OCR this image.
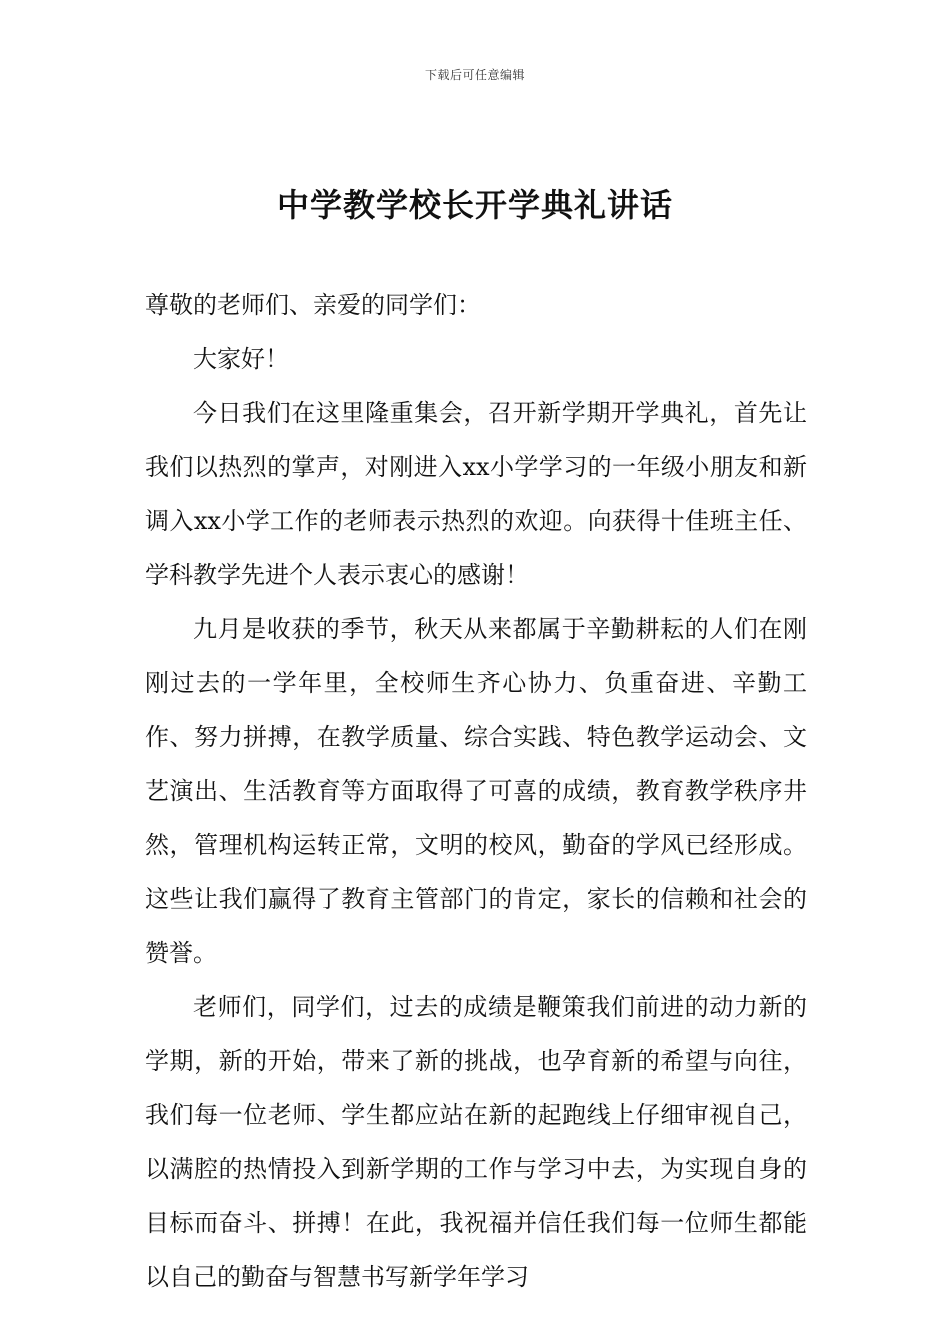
下载后可任意编辑
中学教学校长开学典礼讲话

尊敬的老师们、亲爱的同学们：

大家好！

今日我们在这里隆重集会，召开新学期开学典礼，首先让我们以热烈的掌声，对刚进入xx小学学习的一年级小朋友和新调入xx小学工作的老师表示热烈的欢迎。向获得十佳班主任、学科教学先进个人表示衷心的感谢！

九月是收获的季节，秋天从来都属于辛勤耕耘的人们在刚刚过去的一学年里，全校师生齐心协力、负重奋进、辛勤工作、努力拼搏，在教学质量、综合实践、特色教学运动会、文艺演出、生活教育等方面取得了可喜的成绩，教育教学秩序井然，管理机构运转正常，文明的校风，勤奋的学风已经形成。这些让我们赢得了教育主管部门的肯定，家长的信赖和社会的赞誉。

老师们，同学们，过去的成绩是鞭策我们前进的动力新的学期，新的开始，带来了新的挑战，也孕育新的希望与向往，我们每一位老师、学生都应站在新的起跑线上仔细审视自己，以满腔的热情投入到新学期的工作与学习中去，为实现自身的目标而奋斗、拼搏！在此，我祝福并信任我们每一位师生都能以自己的勤奋与智慧书写新学年学习
